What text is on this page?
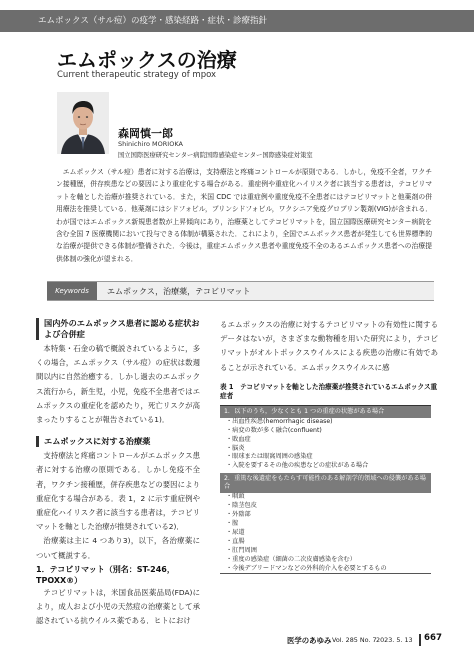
エムポックス（サル痘）の疫学・感染経路・症状・診療指針
エムポックスの治療
Current therapeutic strategy of mpox
森岡慎一郎
Shinichiro MORIOKA
国立国際医療研究センター病院国際感染症センター国際感染症対策室

エムポックス（サル痘）患者に対する治療は，支持療法と疼痛コントロールが原則である．しかし，免疫不全者，ワクチン接種歴，併存疾患などの要因により重症化する場合がある．重症例や重症化ハイリスク者に該当する患者は，テコビリマットを軸とした治療が推奨されている．また，米国 CDC では重症例や重度免疫不全患者にはテコビリマットと他薬剤の併用療法を推奨している．他薬剤にはシドフォビル，ブリンシドフォビル，ワクシニア免疫グロブリン製剤(VIG)が含まれる．わが国ではエムポックス新規患者数が上昇傾向にあり，治療薬としてテコビリマットを，国立国際医療研究センター病院を含む全国 7 医療機関において投与できる体制が構築された．これにより，全国でエムポックス患者が発生しても世界標準的な治療が提供できる体制が整備された．今後は，重症エムポックス患者や重度免疫不全のあるエムポックス患者への治療提供体制の強化が望まれる．

Keywords	エムポックス，治療薬，テコビリマット
国内外のエムポックス患者に認める症状および合併症

本特集・石金の稿で概説されているように，多くの場合，エムポックス（サル痘）の症状は数週間以内に自然治癒する．しかし過去のエムポックス流行から，新生児，小児，免疫不全患者ではエムポックスの重症化を認めたり，死亡リスクが高まったりすることが報告されている1)．

エムポックスに対する治療薬

支持療法と疼痛コントロールがエムポックス患者に対する治療の原則である．しかし免疫不全者，ワクチン接種歴，併存疾患などの要因により重症化する場合がある．表 1，2 に示す重症例や重症化ハイリスク者に該当する患者は，テコビリマットを軸とした治療が推奨されている2)．

治療薬は主に 4 つあり3)，以下，各治療薬について概説する．

1．テコビリマット（別名：ST-246，TPOXX®）

テコビリマットは，米国食品医薬品局(FDA)により，成人および小児の天然痘の治療薬として承認されている抗ウイルス薬である．ヒトにおけ

るエムポックスの治療に対するテコビリマットの有効性に関するデータはないが，さまざまな動物種を用いた研究により，テコビリマットがオルトポックスウイルスによる疾患の治療に有効であることが示されている．エムポックスウイルスに感

表 1　テコビリマットを軸とした治療薬が推奨されているエムポックス重症者
1．以下のうち，少なくとも 1 つの重症の状態がある場合
・出血性疾患(hemorrhagic disease)
・病変の数が多く融合(confluent)
・敗血症
・脳炎
・眼球または眼窩周囲の感染症
・入院を要するその他の疾患などの症状がある場合
2．重篤な後遺症をもたらす可能性のある解剖学的領域への侵襲がある場合
・咽頭
・陰茎包皮
・外陰部
・膣
・尿道
・直腸
・肛門周囲
・重度の感染症（細菌の二次皮膚感染を含む）
・今後デブリードマンなどの外科的介入を必要とするもの
医学のあゆみ Vol. 285 No. 7 2023. 5. 13 667
